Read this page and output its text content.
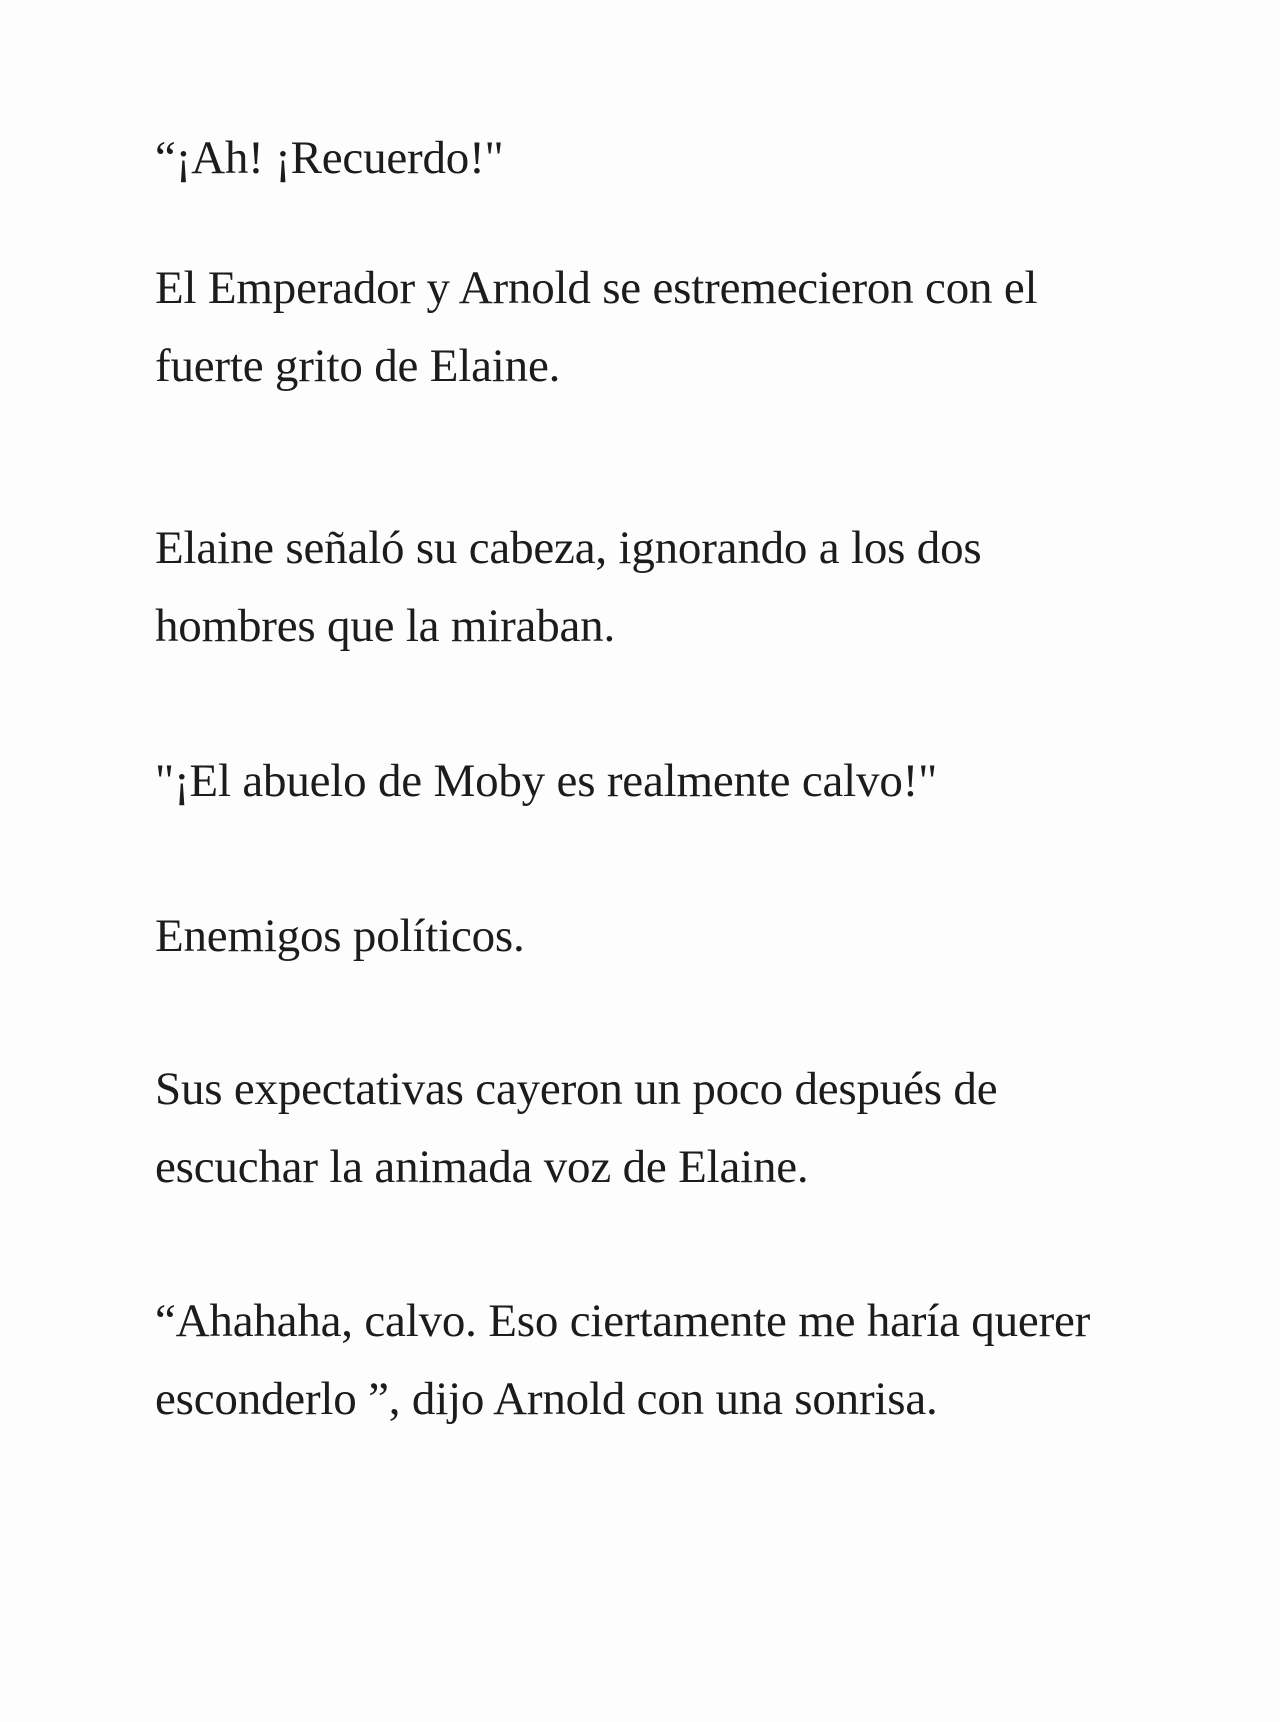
“¡Ah! ¡Recuerdo!"

El Emperador y Arnold se estremecieron con el
fuerte grito de Elaine.

Elaine señaló su cabeza, ignorando a los dos
hombres que la miraban.

"¡El abuelo de Moby es realmente calvo!"

Enemigos políticos.

Sus expectativas cayeron un poco después de
escuchar la animada voz de Elaine.

“Ahahaha, calvo. Eso ciertamente me haría querer
esconderlo ”, dijo Arnold con una sonrisa.
